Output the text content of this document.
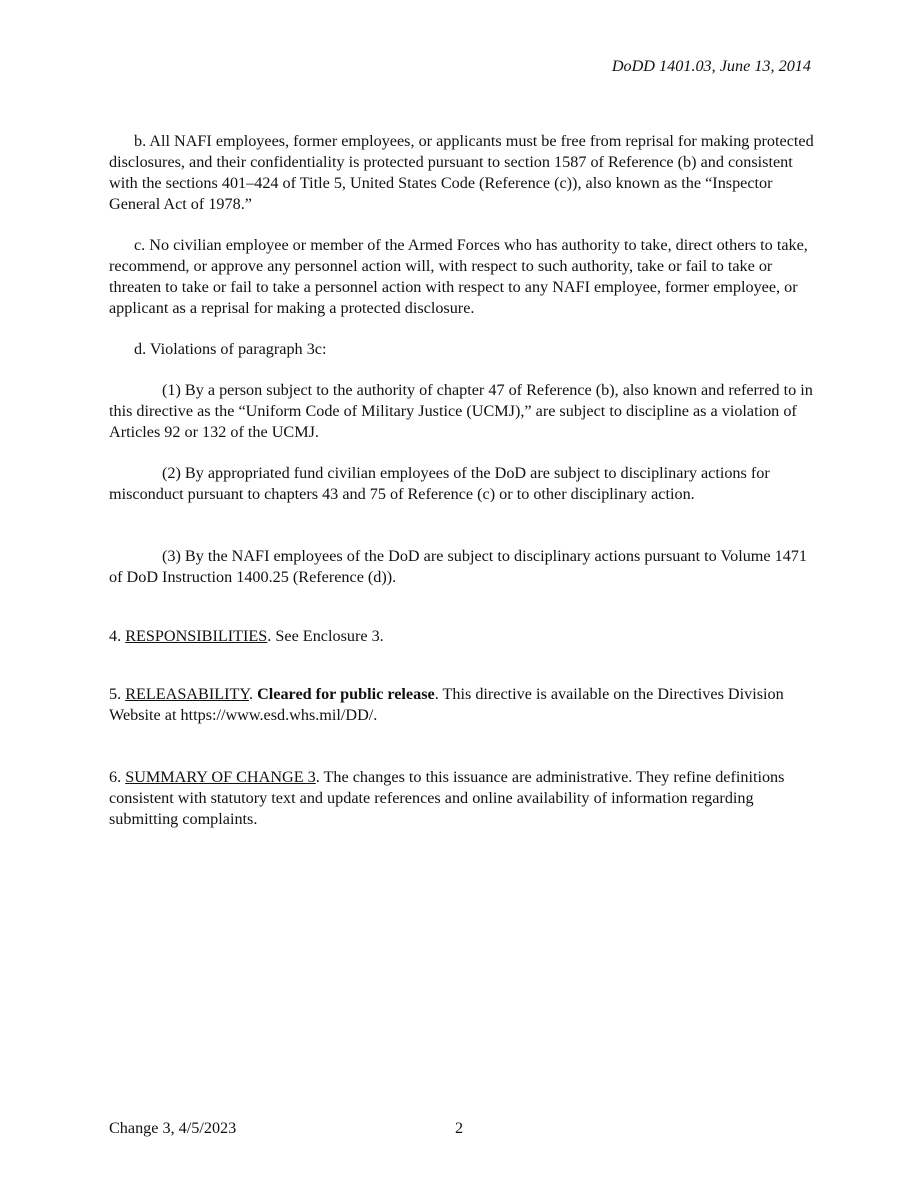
DoDD 1401.03, June 13, 2014

b. All NAFI employees, former employees, or applicants must be free from reprisal for making protected disclosures, and their confidentiality is protected pursuant to section 1587 of Reference (b) and consistent with the sections 401–424 of Title 5, United States Code (Reference (c)), also known as the “Inspector General Act of 1978.”

c. No civilian employee or member of the Armed Forces who has authority to take, direct others to take, recommend, or approve any personnel action will, with respect to such authority, take or fail to take or threaten to take or fail to take a personnel action with respect to any NAFI employee, former employee, or applicant as a reprisal for making a protected disclosure.

d. Violations of paragraph 3c:

(1) By a person subject to the authority of chapter 47 of Reference (b), also known and referred to in this directive as the “Uniform Code of Military Justice (UCMJ),” are subject to discipline as a violation of Articles 92 or 132 of the UCMJ.

(2) By appropriated fund civilian employees of the DoD are subject to disciplinary actions for misconduct pursuant to chapters 43 and 75 of Reference (c) or to other disciplinary action.

(3) By the NAFI employees of the DoD are subject to disciplinary actions pursuant to Volume 1471 of DoD Instruction 1400.25 (Reference (d)).

4. RESPONSIBILITIES. See Enclosure 3.

5. RELEASABILITY. Cleared for public release. This directive is available on the Directives Division Website at https://www.esd.whs.mil/DD/.

6. SUMMARY OF CHANGE 3. The changes to this issuance are administrative. They refine definitions consistent with statutory text and update references and online availability of information regarding submitting complaints.

Change 3, 4/5/2023	2
